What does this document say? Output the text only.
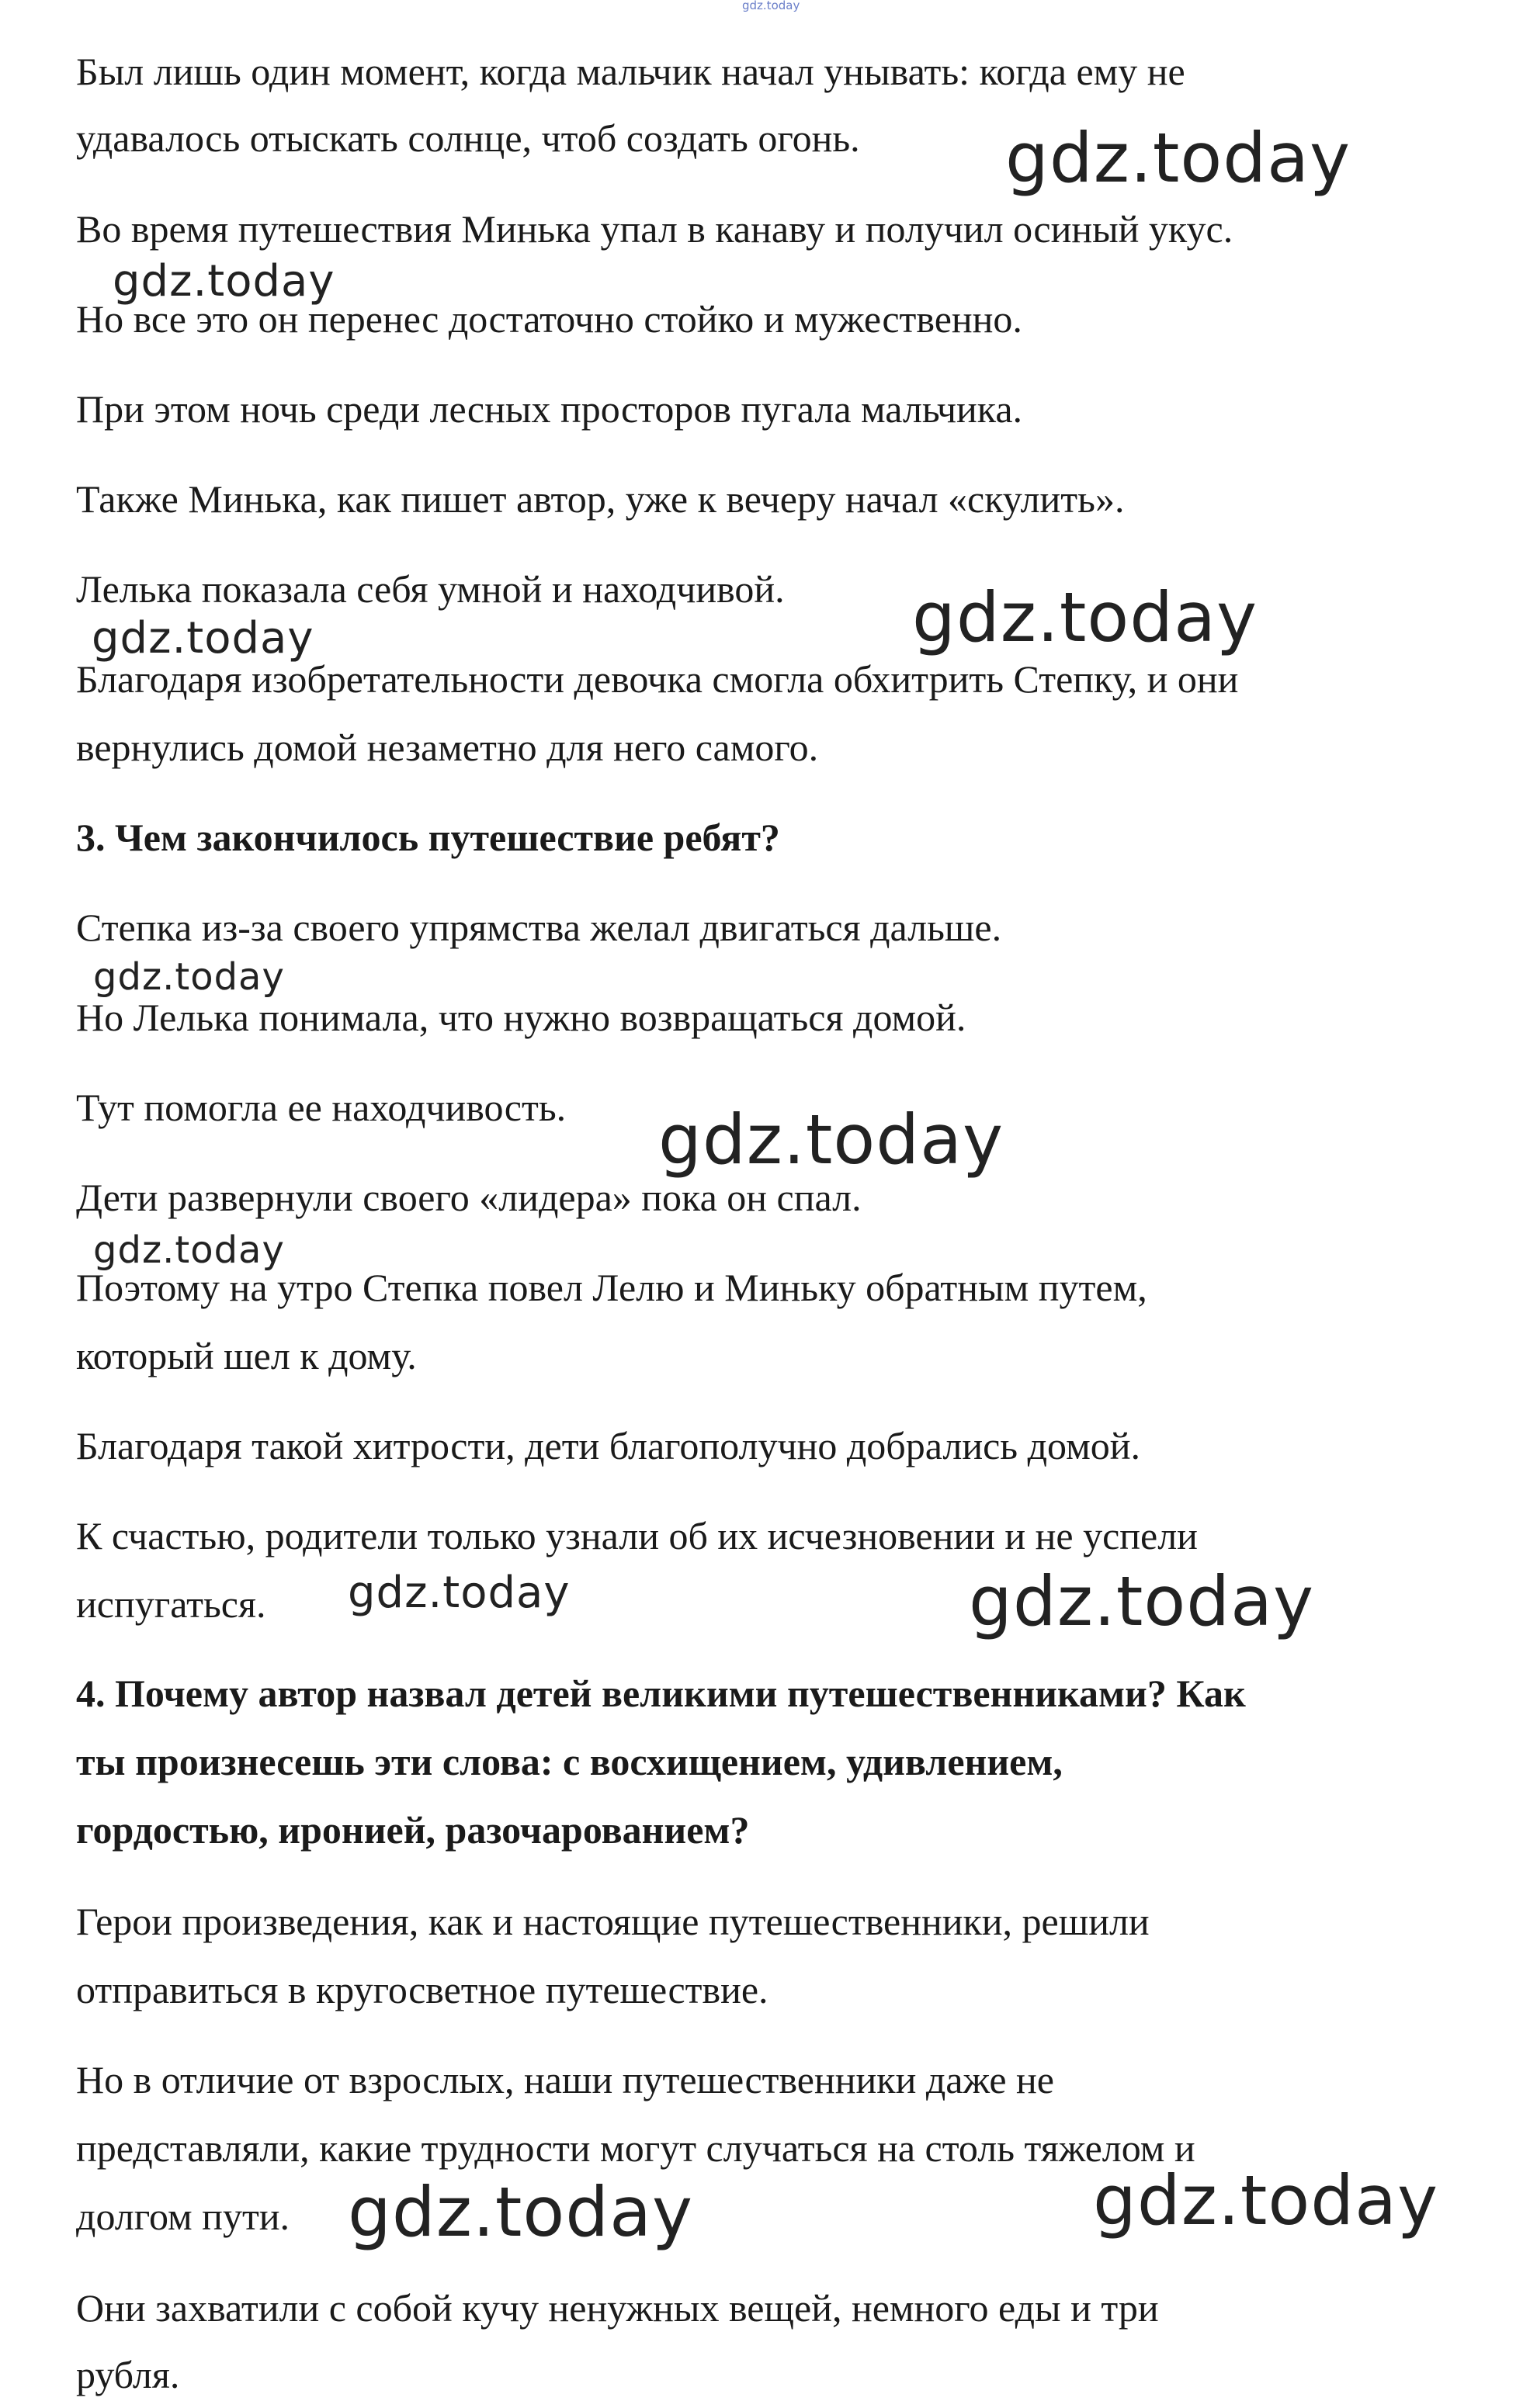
gdz.today

Был лишь один момент, когда мальчик начал унывать: когда ему не

удавалось отыскать солнце, чтоб создать огонь.

Во время путешествия Минька упал в канаву и получил осиный укус.

Но все это он перенес достаточно стойко и мужественно.

При этом ночь среди лесных просторов пугала мальчика.

Также Минька, как пишет автор, уже к вечеру начал «скулить».

Лелька показала себя умной и находчивой.

Благодаря изобретательности девочка смогла обхитрить Степку, и они

вернулись домой незаметно для него самого.

3. Чем закончилось путешествие ребят?

Степка из-за своего упрямства желал двигаться дальше.

Но Лелька понимала, что нужно возвращаться домой.

Тут помогла ее находчивость.

Дети развернули своего «лидера» пока он спал.

Поэтому на утро Степка повел Лелю и Миньку обратным путем,

который шел к дому.

Благодаря такой хитрости, дети благополучно добрались домой.

К счастью, родители только узнали об их исчезновении и не успели

испугаться.

4. Почему автор назвал детей великими путешественниками? Как

ты произнесешь эти слова: с восхищением, удивлением,

гордостью, иронией, разочарованием?

Герои произведения, как и настоящие путешественники, решили

отправиться в кругосветное путешествие.

Но в отличие от взрослых, наши путешественники даже не

представляли, какие трудности могут случаться на столь тяжелом и

долгом пути.

Они захватили с собой кучу ненужных вещей, немного еды и три

рубля.

gdz.today
gdz.today
gdz.today
gdz.today
gdz.today
gdz.today
gdz.today
gdz.today	gdz.today
gdz.today	gdz.today
